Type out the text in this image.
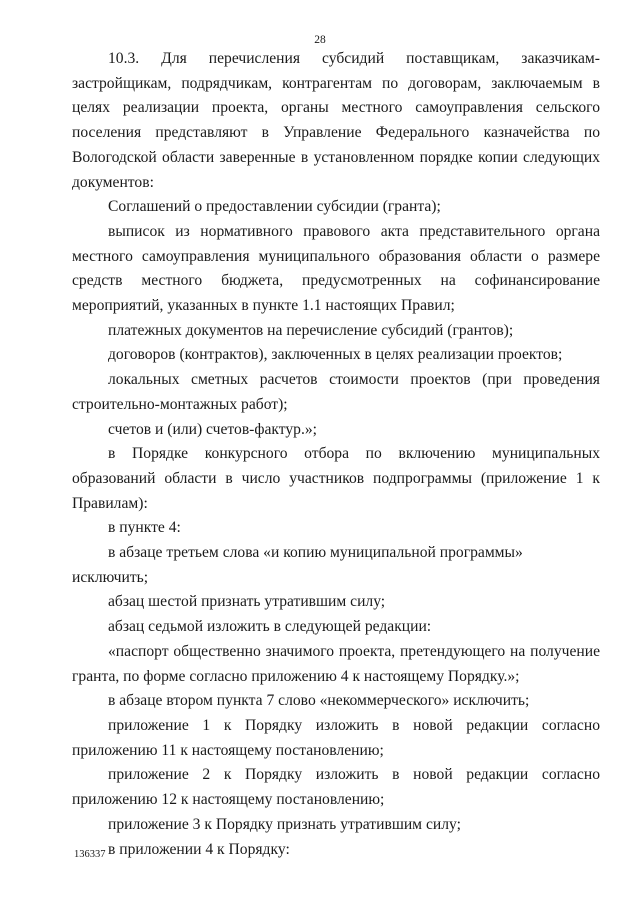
28

10.3. Для перечисления субсидий поставщикам, заказчикам-застройщикам, подрядчикам, контрагентам по договорам, заключаемым в целях реализации проекта, органы местного самоуправления сельского поселения представляют в Управление Федерального казначейства по Вологодской области заверенные в установленном порядке копии следующих документов:

Соглашений о предоставлении субсидии (гранта);

выписок из нормативного правового акта представительного органа местного самоуправления муниципального образования области о размере средств местного бюджета, предусмотренных на софинансирование мероприятий, указанных в пункте 1.1 настоящих Правил;

платежных документов на перечисление субсидий (грантов);

договоров (контрактов), заключенных в целях реализации проектов;

локальных сметных расчетов стоимости проектов (при проведения строительно-монтажных работ);

счетов и (или) счетов-фактур.»;

в Порядке конкурсного отбора по включению муниципальных образований области в число участников подпрограммы (приложение 1 к Правилам):

в пункте 4:

в абзаце третьем слова «и копию муниципальной программы» исключить;

абзац шестой признать утратившим силу;

абзац седьмой изложить в следующей редакции:

«паспорт общественно значимого проекта, претендующего на получение гранта, по форме согласно приложению 4 к настоящему Порядку.»;

в абзаце втором пункта 7 слово «некоммерческого» исключить;

приложение 1 к Порядку изложить в новой редакции согласно приложению 11 к настоящему постановлению;

приложение 2 к Порядку изложить в новой редакции согласно приложению 12 к настоящему постановлению;

приложение 3 к Порядку признать утратившим силу;

в приложении 4 к Порядку:

136337
